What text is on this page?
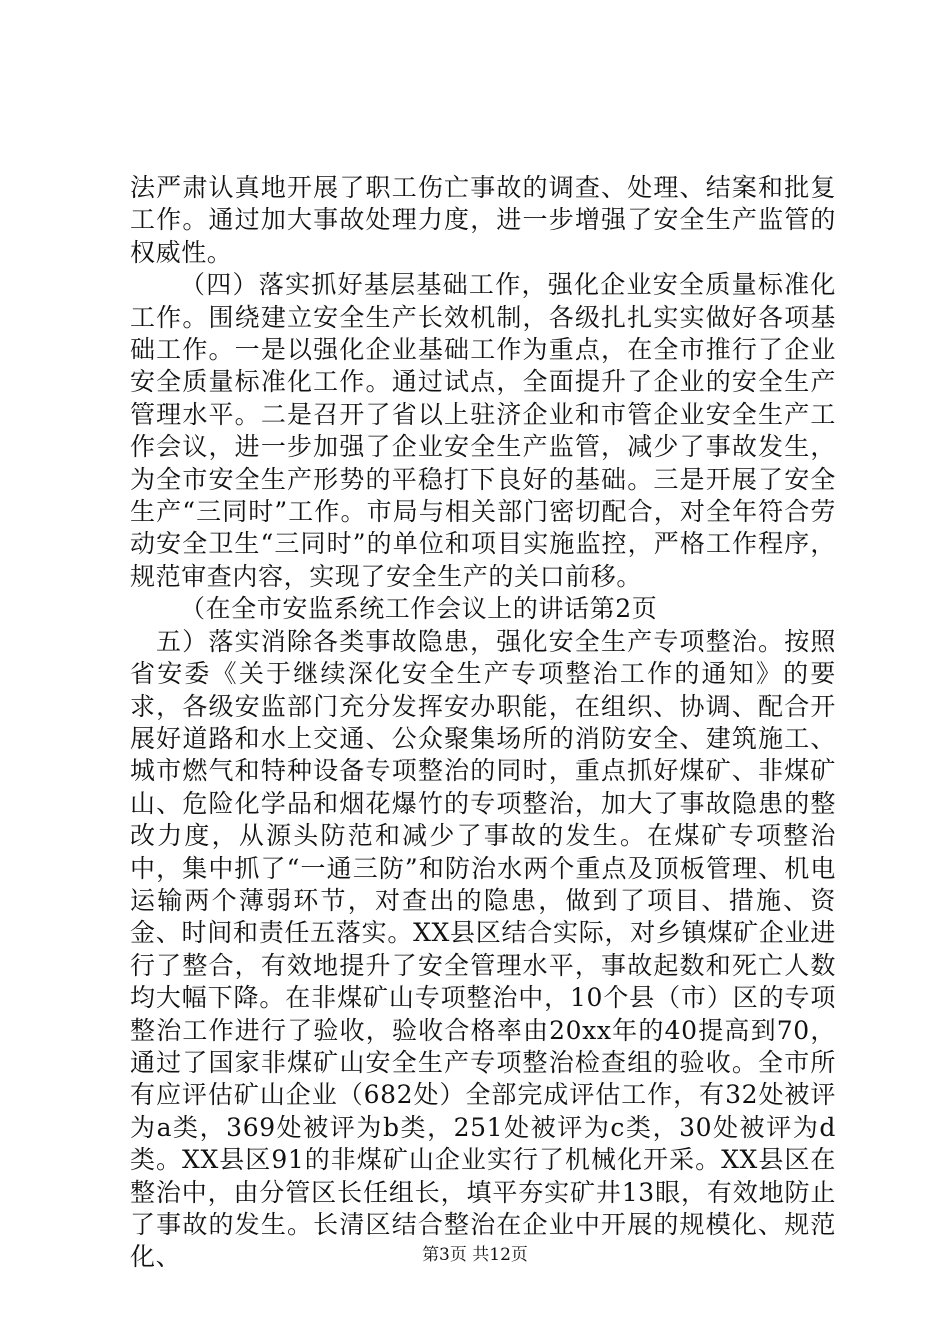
法严肃认真地开展了职工伤亡事故的调查、处理、结案和批复工作。通过加大事故处理力度，进一步增强了安全生产监管的权威性。

（四）落实抓好基层基础工作，强化企业安全质量标准化工作。围绕建立安全生产长效机制，各级扎扎实实做好各项基础工作。一是以强化企业基础工作为重点，在全市推行了企业安全质量标准化工作。通过试点，全面提升了企业的安全生产管理水平。二是召开了省以上驻济企业和市管企业安全生产工作会议，进一步加强了企业安全生产监管，减少了事故发生，为全市安全生产形势的平稳打下良好的基础。三是开展了安全生产“三同时”工作。市局与相关部门密切配合，对全年符合劳动安全卫生“三同时”的单位和项目实施监控，严格工作程序，规范审查内容，实现了安全生产的关口前移。

（在全市安监系统工作会议上的讲话第2页

五）落实消除各类事故隐患，强化安全生产专项整治。按照省安委《关于继续深化安全生产专项整治工作的通知》的要求，各级安监部门充分发挥安办职能，在组织、协调、配合开展好道路和水上交通、公众聚集场所的消防安全、建筑施工、城市燃气和特种设备专项整治的同时，重点抓好煤矿、非煤矿山、危险化学品和烟花爆竹的专项整治，加大了事故隐患的整改力度，从源头防范和减少了事故的发生。在煤矿专项整治中，集中抓了“一通三防”和防治水两个重点及顶板管理、机电运输两个薄弱环节，对查出的隐患，做到了项目、措施、资金、时间和责任五落实。XX县区结合实际，对乡镇煤矿企业进行了整合，有效地提升了安全管理水平，事故起数和死亡人数均大幅下降。在非煤矿山专项整治中，10个县（市）区的专项整治工作进行了验收，验收合格率由20xx年的40提高到70，通过了国家非煤矿山安全生产专项整治检查组的验收。全市所有应评估矿山企业（682处）全部完成评估工作，有32处被评为a类，369处被评为b类，251处被评为c类，30处被评为d类。XX县区91的非煤矿山企业实行了机械化开采。XX县区在整治中，由分管区长任组长，填平夯实矿井13眼，有效地防止了事故的发生。长清区结合整治在企业中开展的规模化、规范化、	第3页 共12页
